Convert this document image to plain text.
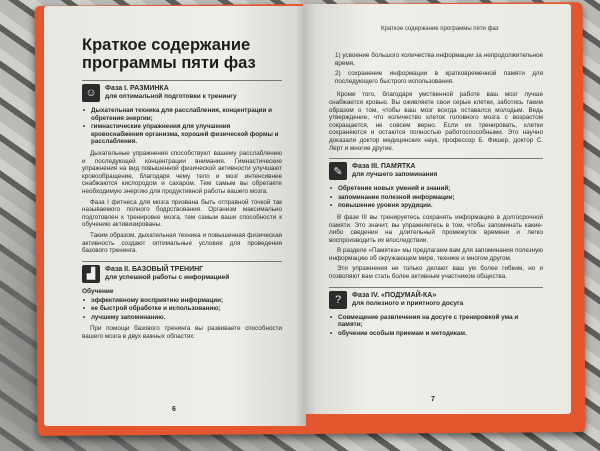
Краткое содержание программы пяти фаз
☺	Фаза I. РАЗМИНКА
для оптимальной подготовки к тренингу
• Дыхательная техника для расслабления, концентрации и обретения энергии;
• гимнастические упражнения для улучшения кровоснабжения организма, хорошей физической формы и расслабления.

Дыхательные упражнения способствуют вашему расслаблению и последующей концентрации внимания. Гимнастические упражнения на вид повышенной физической активности улучшают кровообращение, благодаря чему тело и мозг интенсивнее снабжаются кислородом и сахаром. Тем самым вы обретаете необходимую энергию для продуктивной работы вашего мозга.

Фаза I фитнеса для мозга призвана быть отправной точкой так называемого полного бодрствования. Организм максимально подготовлен к тренировке мозга, тем самым ваши способности к обучению активизированы.

Таким образом, дыхательная техника и повышенная физическая активность создают оптимальные условия для проведения базового тренинга.

▟	Фаза II. БАЗОВЫЙ ТРЕНИНГ
для успешной работы с информацией
Обучение
• эффективному восприятию информации;
• ее быстрой обработке и использованию;
• лучшему запоминанию.

При помощи базового тренинга вы развиваете способности вашего мозга в двух важных областях:

6
Краткое содержание программы пяти фаз

1) усвоение большого количества информации за непродолжительное время,

2) сохранение информации в кратковременной памяти для последующего быстрого использования.

Кроме того, благодаря умственной работе ваш мозг лучше снабжается кровью. Вы оживляете свои серые клетки, заботясь таким образом о том, чтобы ваш мозг всегда оставался молодым. Ведь утверждение, что количество клеток головного мозга с возрастом сокращается, не совсем верно. Если их тренировать, клетки сохраняются и остаются полностью работоспособными. Это научно доказали доктор медицинских наук, профессор Б. Фишер, доктор С. Лерт и многие другие.

✎	Фаза III. ПАМЯТКА
для лучшего запоминания
• Обретение новых умений и знаний;
• запоминание полезной информации;
• повышение уровня эрудиции.

В фазе III вы тренируетесь сохранять информацию в долгосрочной памяти. Это значит, вы упражняетесь в том, чтобы запоминать какие-либо сведения на длительный промежуток времени и легко воспроизводить их впоследствии.

В разделе «Памятка» мы предлагаем вам для запоминания полезную информацию об окружающем мире, технике и многом другом.

Эти упражнения не только делают ваш ум более гибким, но и позволяют вам стать более активным участником общества.

?	Фаза IV. «ПОДУМАЙ-КА»
для полезного и приятного досуга
• Совмещение развлечения на досуге с тренировкой ума и памяти;
• обучение особым приемам и методикам.
7
